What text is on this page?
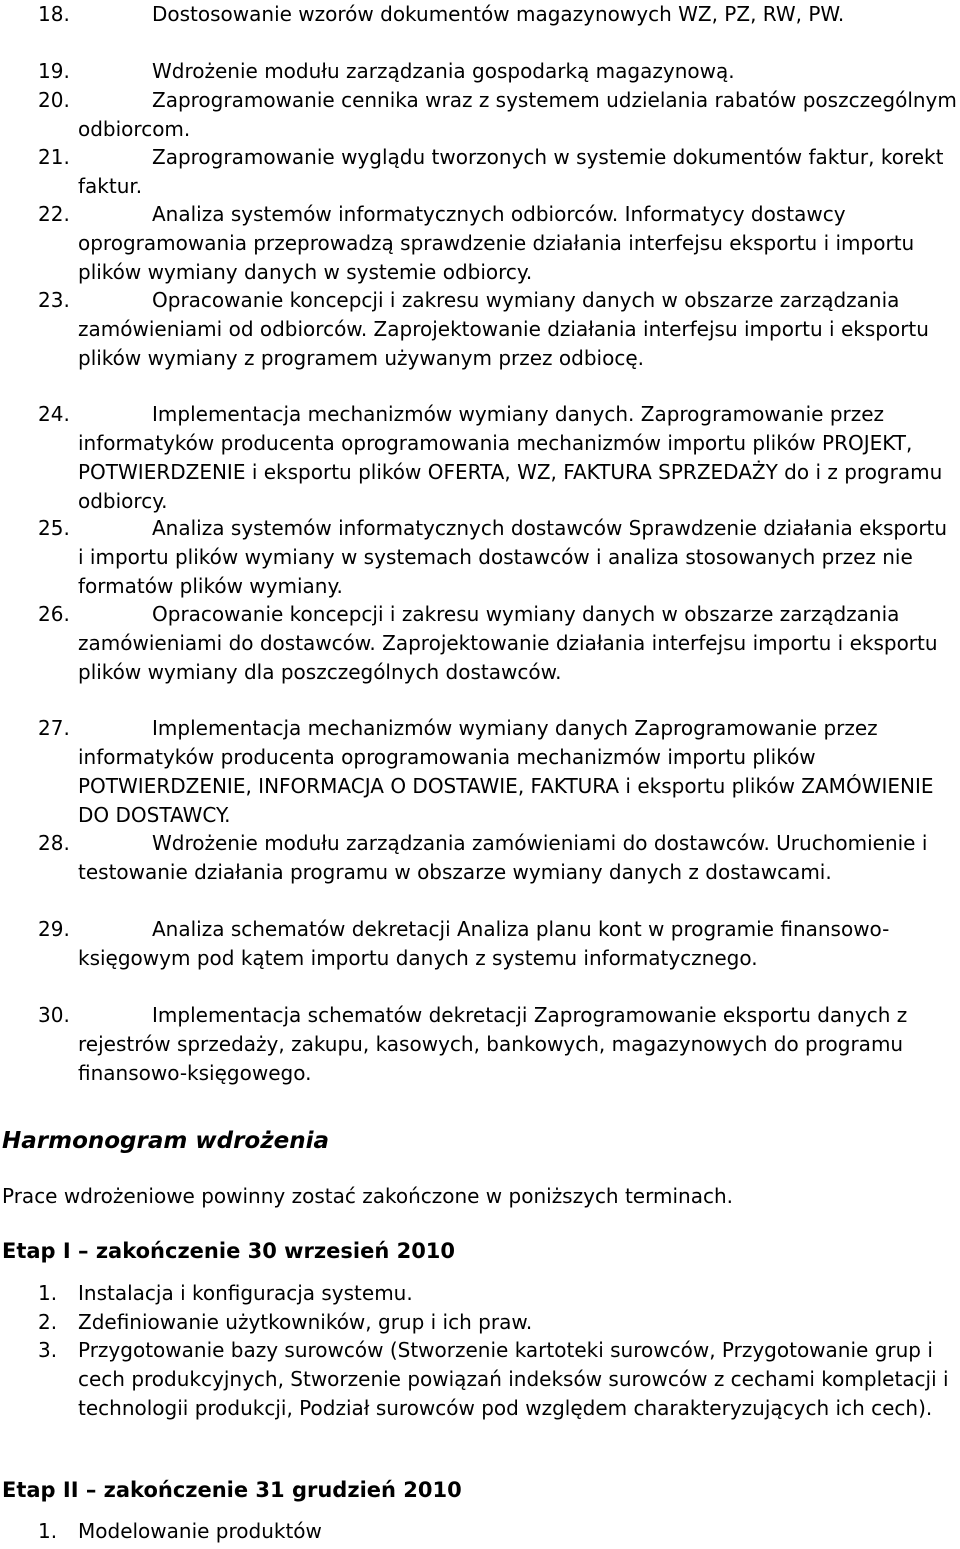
18.	Dostosowanie wzorów dokumentów magazynowych WZ, PZ, RW, PW.
19.	Wdrożenie modułu zarządzania gospodarką magazynową.
20.	Zaprogramowanie cennika wraz z systemem udzielania rabatów poszczególnym odbiorcom.
21.	Zaprogramowanie wyglądu tworzonych w systemie dokumentów faktur, korekt faktur.
22.	Analiza systemów informatycznych odbiorców. Informatycy dostawcy oprogramowania przeprowadzą sprawdzenie działania interfejsu eksportu i importu plików wymiany danych w systemie odbiorcy.
23.	Opracowanie koncepcji i zakresu wymiany danych w obszarze zarządzania zamówieniami od odbiorców. Zaprojektowanie działania interfejsu importu i eksportu plików wymiany z programem używanym przez odbiocę.
24.	Implementacja mechanizmów wymiany danych. Zaprogramowanie przez informatyków producenta oprogramowania mechanizmów importu plików PROJEKT, POTWIERDZENIE i eksportu plików OFERTA, WZ, FAKTURA SPRZEDAŻY do i z programu odbiorcy.
25.	Analiza systemów informatycznych dostawców Sprawdzenie działania eksportu i importu plików wymiany w systemach dostawców i analiza stosowanych przez nie formatów plików wymiany.
26.	Opracowanie koncepcji i zakresu wymiany danych w obszarze zarządzania zamówieniami do dostawców. Zaprojektowanie działania interfejsu importu i eksportu plików wymiany dla poszczególnych dostawców.
27.	Implementacja mechanizmów wymiany danych Zaprogramowanie przez informatyków producenta oprogramowania mechanizmów importu plików POTWIERDZENIE, INFORMACJA O DOSTAWIE, FAKTURA i eksportu plików ZAMÓWIENIE DO DOSTAWCY.
28.	Wdrożenie modułu zarządzania zamówieniami do dostawców. Uruchomienie i testowanie działania programu w obszarze wymiany danych z dostawcami.
29.	Analiza schematów dekretacji Analiza planu kont w programie finansowo-księgowym pod kątem importu danych z systemu informatycznego.
30.	Implementacja schematów dekretacji Zaprogramowanie eksportu danych z rejestrów sprzedaży, zakupu, kasowych, bankowych, magazynowych do programu finansowo-księgowego.
Harmonogram wdrożenia

Prace wdrożeniowe powinny zostać zakończone w poniższych terminach.

Etap I – zakończenie 30 wrzesień 2010
1. Instalacja i konfiguracja systemu.
2. Zdefiniowanie użytkowników, grup i ich praw.
3. Przygotowanie bazy surowców (Stworzenie kartoteki surowców, Przygotowanie grup i cech produkcyjnych, Stworzenie powiązań indeksów surowców z cechami kompletacji i technologii produkcji, Podział surowców pod względem charakteryzujących ich cech).
Etap II – zakończenie 31 grudzień 2010
1. Modelowanie produktów
